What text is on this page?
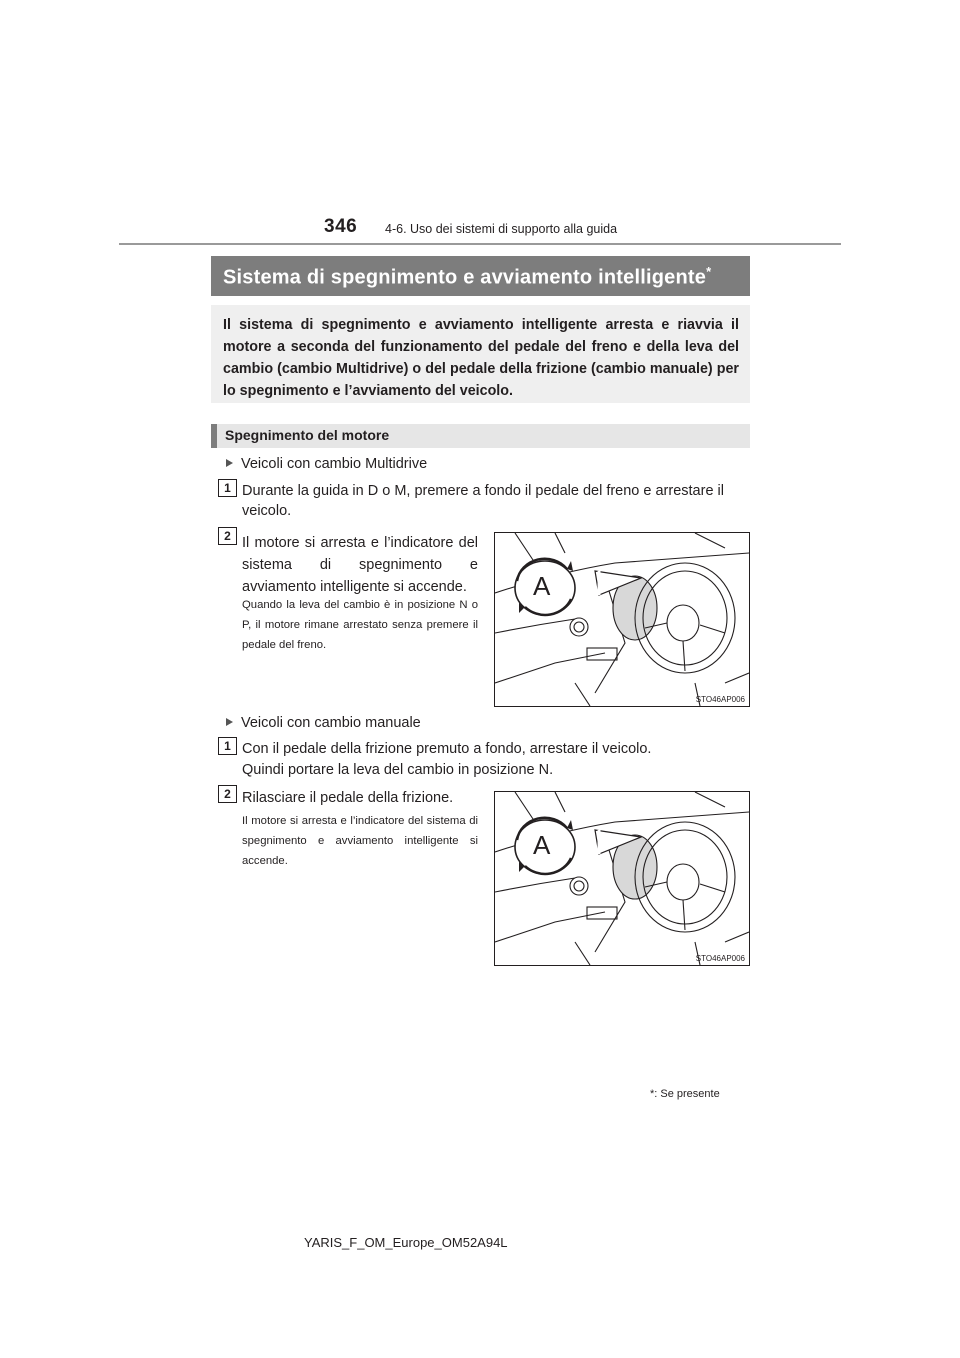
346 4-6. Uso dei sistemi di supporto alla guida
Sistema di spegnimento e avviamento intelligente*
Il sistema di spegnimento e avviamento intelligente arresta e riavvia il motore a seconda del funzionamento del pedale del freno e della leva del cambio (cambio Multidrive) o del pedale della frizione (cambio manuale) per lo spegnimento e l’avviamento del veicolo.
Spegnimento del motore
Veicoli con cambio Multidrive
1 Durante la guida in D o M, premere a fondo il pedale del freno e arrestare il veicolo.
2 Il motore si arresta e l’indicatore del sistema di spegnimento e avviamento intelligente si accende.
Quando la leva del cambio è in posizione N o P, il motore rimane arrestato senza premere il pedale del freno.
A
STO46AP006
Veicoli con cambio manuale
1 Con il pedale della frizione premuto a fondo, arrestare il veicolo.
Quindi portare la leva del cambio in posizione N.
2 Rilasciare il pedale della frizione.
Il motore si arresta e l’indicatore del sistema di spegnimento e avviamento intelligente si accende.
A
STO46AP006
*: Se presente
YARIS_F_OM_Europe_OM52A94L
